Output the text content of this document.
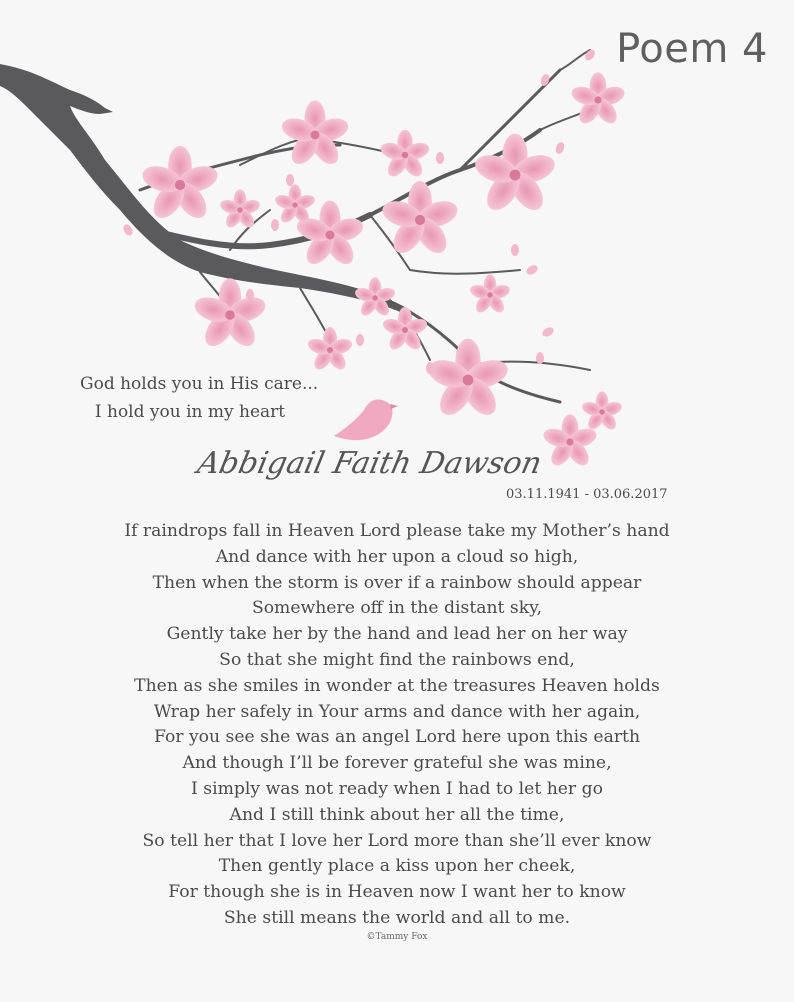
Poem 4
God holds you in His care...
I hold you in my heart
Abbigail Faith Dawson
03.11.1941 - 03.06.2017
If raindrops fall in Heaven Lord please take my Mother’s hand
And dance with her upon a cloud so high,
Then when the storm is over if a rainbow should appear
Somewhere off in the distant sky,
Gently take her by the hand and lead her on her way
So that she might find the rainbows end,
Then as she smiles in wonder at the treasures Heaven holds
Wrap her safely in Your arms and dance with her again,
For you see she was an angel Lord here upon this earth
And though I’ll be forever grateful she was mine,
I simply was not ready when I had to let her go
And I still think about her all the time,
So tell her that I love her Lord more than she’ll ever know
Then gently place a kiss upon her cheek,
For though she is in Heaven now I want her to know
She still means the world and all to me.
©Tammy Fox
